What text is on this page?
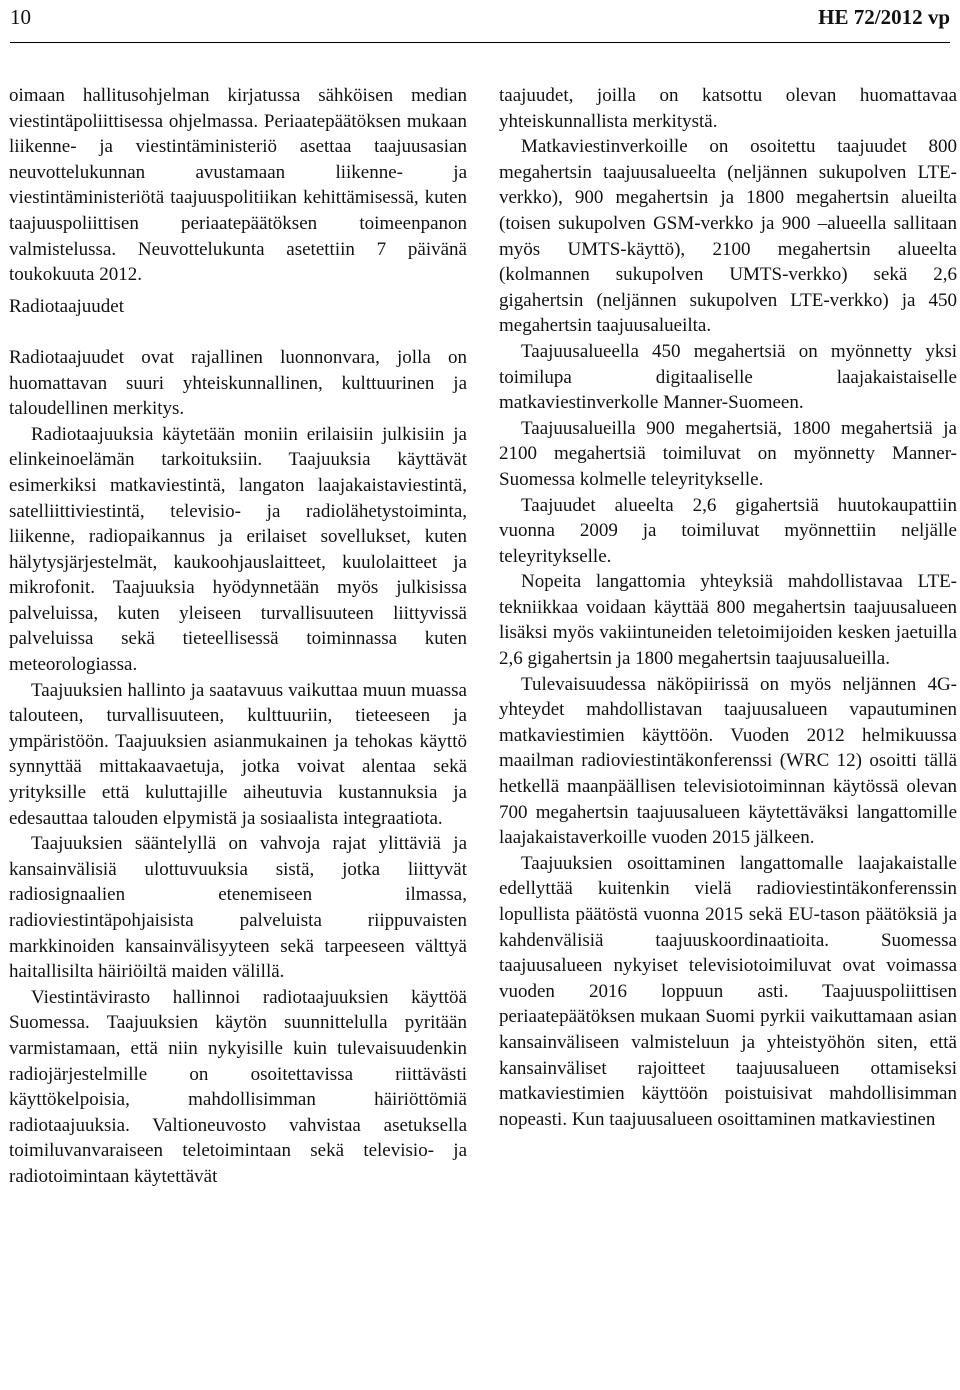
10	HE 72/2012 vp

oimaan hallitusohjelman kirjatussa sähköisen median viestintäpoliittisessa ohjelmassa. Periaatepäätöksen mukaan liikenne- ja viestintäministeriö asettaa taajuusasian neuvottelukunnan avustamaan liikenne- ja viestintäministeriötä taajuuspolitiikan kehittämisessä, kuten taajuuspoliittisen periaatepäätöksen toimeenpanon valmistelussa. Neuvottelukunta asetettiin 7 päivänä toukokuuta 2012.

Radiotaajuudet

Radiotaajuudet ovat rajallinen luonnonvara, jolla on huomattavan suuri yhteiskunnallinen, kulttuurinen ja taloudellinen merkitys.

Radiotaajuuksia käytetään moniin erilaisiin julkisiin ja elinkeinoelämän tarkoituksiin. Taajuuksia käyttävät esimerkiksi matkaviestintä, langaton laajakaistaviestintä, satelliittiviestintä, televisio- ja radiolähetystoiminta, liikenne, radiopaikannus ja erilaiset sovellukset, kuten hälytysjärjestelmät, kaukoohjauslaitteet, kuulolaitteet ja mikrofonit. Taajuuksia hyödynnetään myös julkisissa palveluissa, kuten yleiseen turvallisuuteen liittyvissä palveluissa sekä tieteellisessä toiminnassa kuten meteorologiassa.

Taajuuksien hallinto ja saatavuus vaikuttaa muun muassa talouteen, turvallisuuteen, kulttuuriin, tieteeseen ja ympäristöön. Taajuuksien asianmukainen ja tehokas käyttö synnyttää mittakaavaetuja, jotka voivat alentaa sekä yrityksille että kuluttajille aiheutuvia kustannuksia ja edesauttaa talouden elpymistä ja sosiaalista integraatiota.

Taajuuksien sääntelyllä on vahvoja rajat ylittäviä ja kansainvälisiä ulottuvuuksia sistä, jotka liittyvät radiosignaalien etenemiseen ilmassa, radioviestintäpohjaisista palveluista riippuvaisten markkinoiden kansainvälisyyteen sekä tarpeeseen välttyä haitallisilta häiriöiltä maiden välillä.

Viestintävirasto hallinnoi radiotaajuuksien käyttöä Suomessa. Taajuuksien käytön suunnittelulla pyritään varmistamaan, että niin nykyisille kuin tulevaisuudenkin radiojärjestelmille on osoitettavissa riittävästi käyttökelpoisia, mahdollisimman häiriöttömiä radiotaajuuksia. Valtioneuvosto vahvistaa asetuksella toimiluvanvaraiseen teletoimintaan sekä televisio- ja radiotoimintaan käytettävät

taajuudet, joilla on katsottu olevan huomattavaa yhteiskunnallista merkitystä.

Matkaviestinverkoille on osoitettu taajuudet 800 megahertsin taajuusalueelta (neljännen sukupolven LTE-verkko), 900 megahertsin ja 1800 megahertsin alueilta (toisen sukupolven GSM-verkko ja 900 –alueella sallitaan myös UMTS-käyttö), 2100 megahertsin alueelta (kolmannen sukupolven UMTS-verkko) sekä 2,6 gigahertsin (neljännen sukupolven LTE-verkko) ja 450 megahertsin taajuusalueilta.

Taajuusalueella 450 megahertsiä on myönnetty yksi toimilupa digitaaliselle laajakaistaiselle matkaviestinverkolle Manner-Suomeen.

Taajuusalueilla 900 megahertsiä, 1800 megahertsiä ja 2100 megahertsiä toimiluvat on myönnetty Manner-Suomessa kolmelle teleyritykselle.

Taajuudet alueelta 2,6 gigahertsiä huutokaupattiin vuonna 2009 ja toimiluvat myönnettiin neljälle teleyritykselle.

Nopeita langattomia yhteyksiä mahdollistavaa LTE-tekniikkaa voidaan käyttää 800 megahertsin taajuusalueen lisäksi myös vakiintuneiden teletoimijoiden kesken jaetuilla 2,6 gigahertsin ja 1800 megahertsin taajuusalueilla.

Tulevaisuudessa näköpiirissä on myös neljännen 4G-yhteydet mahdollistavan taajuusalueen vapautuminen matkaviestimien käyttöön. Vuoden 2012 helmikuussa maailman radioviestintäkonferenssi (WRC 12) osoitti tällä hetkellä maanpäällisen televisiotoiminnan käytössä olevan 700 megahertsin taajuusalueen käytettäväksi langattomille laajakaistaverkoille vuoden 2015 jälkeen.

Taajuuksien osoittaminen langattomalle laajakaistalle edellyttää kuitenkin vielä radioviestintäkonferenssin lopullista päätöstä vuonna 2015 sekä EU-tason päätöksiä ja kahdenvälisiä taajuuskoordinaatioita. Suomessa taajuusalueen nykyiset televisiotoimiluvat ovat voimassa vuoden 2016 loppuun asti. Taajuuspoliittisen periaatepäätöksen mukaan Suomi pyrkii vaikuttamaan asian kansainväliseen valmisteluun ja yhteistyöhön siten, että kansainväliset rajoitteet taajuusalueen ottamiseksi matkaviestimien käyttöön poistuisivat mahdollisimman nopeasti. Kun taajuusalueen osoittaminen matkaviestinen
